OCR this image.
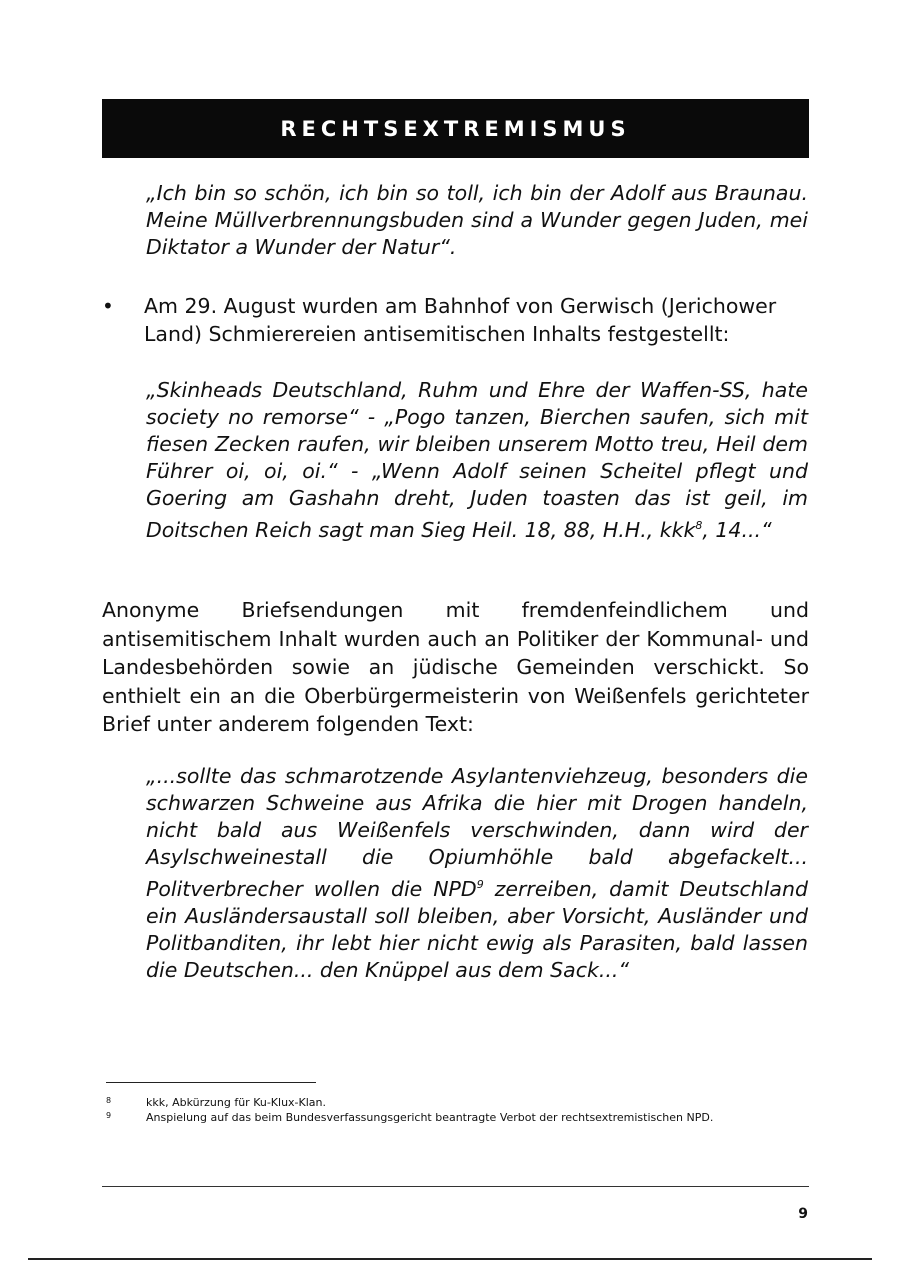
RECHTSEXTREMISMUS
„Ich bin so schön, ich bin so toll, ich bin der Adolf aus Braunau. Meine Müllverbrennungsbuden sind a Wunder gegen Juden, mei Diktator a Wunder der Natur“.
• Am 29. August wurden am Bahnhof von Gerwisch (Jerichower Land) Schmierereien antisemitischen Inhalts festgestellt:
„Skinheads Deutschland, Ruhm und Ehre der Waffen-SS, hate society no remorse“ - „Pogo tanzen, Bierchen saufen, sich mit fiesen Zecken raufen, wir bleiben unserem Motto treu, Heil dem Führer oi, oi, oi.“ - „Wenn Adolf seinen Scheitel pflegt und Goering am Gashahn dreht, Juden toasten das ist geil, im Doitschen Reich sagt man Sieg Heil. 18, 88, H.H., kkk$^8$, 14...“
Anonyme Briefsendungen mit fremdenfeindlichem und antisemitischem Inhalt wurden auch an Politiker der Kommunal- und Landesbehörden sowie an jüdische Gemeinden verschickt. So enthielt ein an die Oberbürgermeisterin von Weißenfels gerichteter Brief unter anderem folgenden Text:
„...sollte das schmarotzende Asylantenviehzeug, besonders die schwarzen Schweine aus Afrika die hier mit Drogen handeln, nicht bald aus Weißenfels verschwinden, dann wird der Asylschweinestall die Opiumhöhle bald abgefackelt... Politverbrecher wollen die NPD$^9$ zerreiben, damit Deutschland ein Ausländersaustall soll bleiben, aber Vorsicht, Ausländer und Politbanditen, ihr lebt hier nicht ewig als Parasiten, bald lassen die Deutschen... den Knüppel aus dem Sack...“
8	kkk, Abkürzung für Ku-Klux-Klan.
9	Anspielung auf das beim Bundesverfassungsgericht beantragte Verbot der rechtsextremistischen NPD.
9
